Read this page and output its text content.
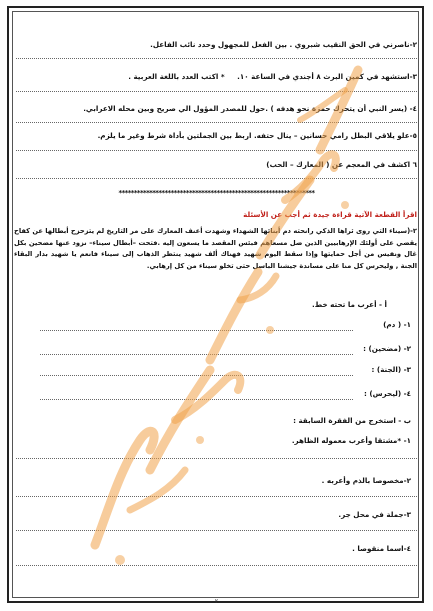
٢-ناصرني في الحق النقيب شبروي . بين الفعل للمجهول وحدد نائب الفاعل.
٣-استشهد في كمين البرث ٨ أجندي في الساعة ١٠.     * اكتب العدد باللغة العربية .
٤- (يسر النبي أن يتحرك حمزة نحو هدفه ) .حول للمصدر المؤول الي صريح وبين محله الاعرابي.
٥-علو يلاقي البطل رامي حسانين – ينال حتفه. اربط بين الجملتين بأداة شرط وغير ما يلزم.
٦ اكشف في المعجم عن ( المعارك – الحب)
****************************************************************
اقرأ القطعة الآتية قراءة جيدة ثم أجب عن الأسئلة
٢-(سيناء التي روى ثراها الذكي رانحته دم أبنائها الشهداء وشهدت أعنف المعارك على مر التاريخ لم يتزحزح أبطالها عن كفاح يقضي على أولئك الإرهابيين الذين ضل مسعاهم فبئس المقصد ما يسعون إليه .فتحت –أبطال سيناء– نزود عنها مضحين بكل غال ونفيس من أجل حمايتها وإذا سقط اليوم شهيد فهناك ألف شهيد ينتظر الذهاب إلى سيناء فانعم يا شهيد بدار البقاء الجنة , وليحرس كل منا على مساندة جيشنا الباسل حتى تخلو سيناء من كل إرهابي.
أ - أعرب ما تحته خط.
١- ( دم)
٢- (مضحين) :
٣- (الجنة) :
٤- (ليحرس) :
ب - استخرج من الفقرة السابقة :
١- *مشتقا وأعرب معموله الظاهر.
٢-مخصوصا بالذم وأعربه .
٣-جملة في محل جر.
٤-اسما منقوصا .
٢
